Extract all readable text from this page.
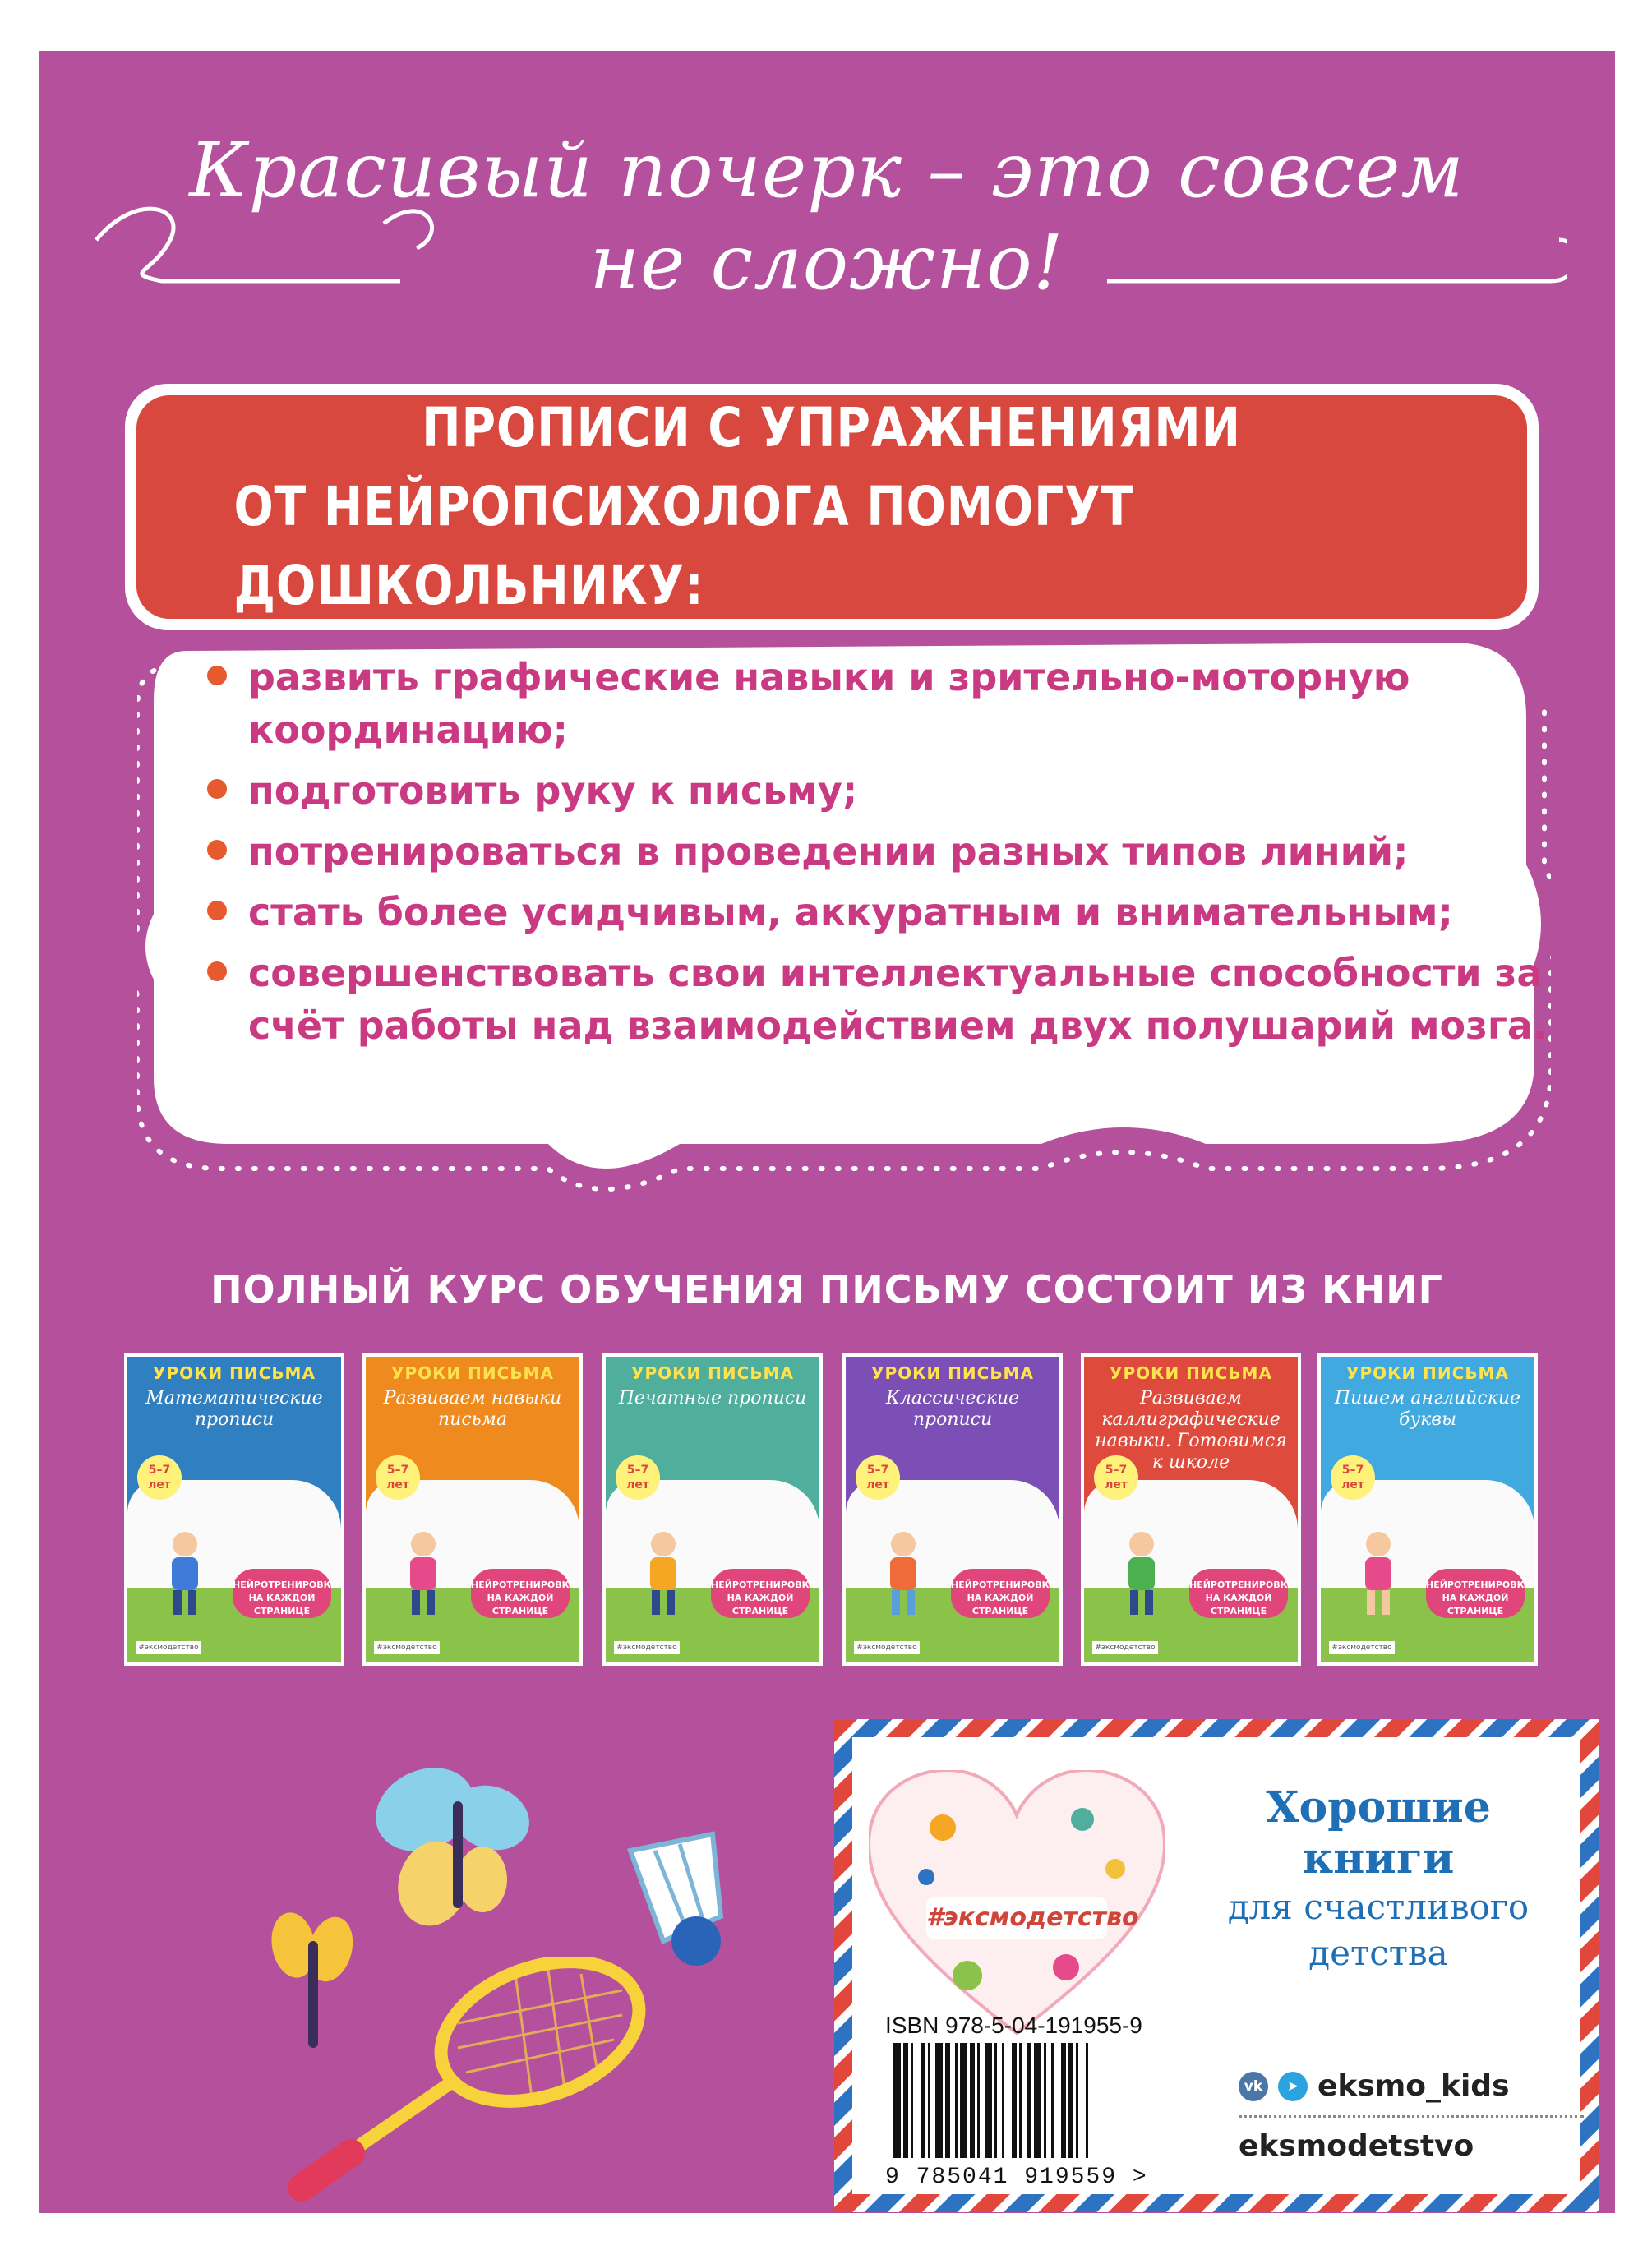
Красивый почерк – это совсем
не сложно!
ПРОПИСИ С УПРАЖНЕНИЯМИ
ОТ НЕЙРОПСИХОЛОГА ПОМОГУТ ДОШКОЛЬНИКУ:
развить графические навыки и зрительно-моторную координацию;
подготовить руку к письму;
потренироваться в проведении разных типов линий;
стать более усидчивым, аккуратным и внимательным;
совершенствовать свои интеллектуальные способности за счёт работы над взаимодействием двух полушарий мозга.
ПОЛНЫЙ КУРС ОБУЧЕНИЯ ПИСЬМУ СОСТОИТ ИЗ КНИГ
УРОКИ ПИСЬМА
Математические прописи
5–7 лет
НЕЙРОТРЕНИРОВКИ НА КАЖДОЙ СТРАНИЦЕ
#эксмодетство
УРОКИ ПИСЬМА
Развиваем навыки письма
5–7 лет
НЕЙРОТРЕНИРОВКИ НА КАЖДОЙ СТРАНИЦЕ
#эксмодетство
УРОКИ ПИСЬМА
Печатные прописи
5–7 лет
НЕЙРОТРЕНИРОВКИ НА КАЖДОЙ СТРАНИЦЕ
#эксмодетство
УРОКИ ПИСЬМА
Классические прописи
5–7 лет
НЕЙРОТРЕНИРОВКИ НА КАЖДОЙ СТРАНИЦЕ
#эксмодетство
УРОКИ ПИСЬМА
Развиваем каллиграфические навыки. Готовимся к школе
5–7 лет
НЕЙРОТРЕНИРОВКИ НА КАЖДОЙ СТРАНИЦЕ
#эксмодетство
УРОКИ ПИСЬМА
Пишем английские буквы
5–7 лет
НЕЙРОТРЕНИРОВКИ НА КАЖДОЙ СТРАНИЦЕ
#эксмодетство
#эксмодетство
Хорошие
книги
для счастливого
детства
ISBN 978-5-04-191955-9
9 785041 919559 >
vk	➤ eksmo_kids
eksmodetstvo
